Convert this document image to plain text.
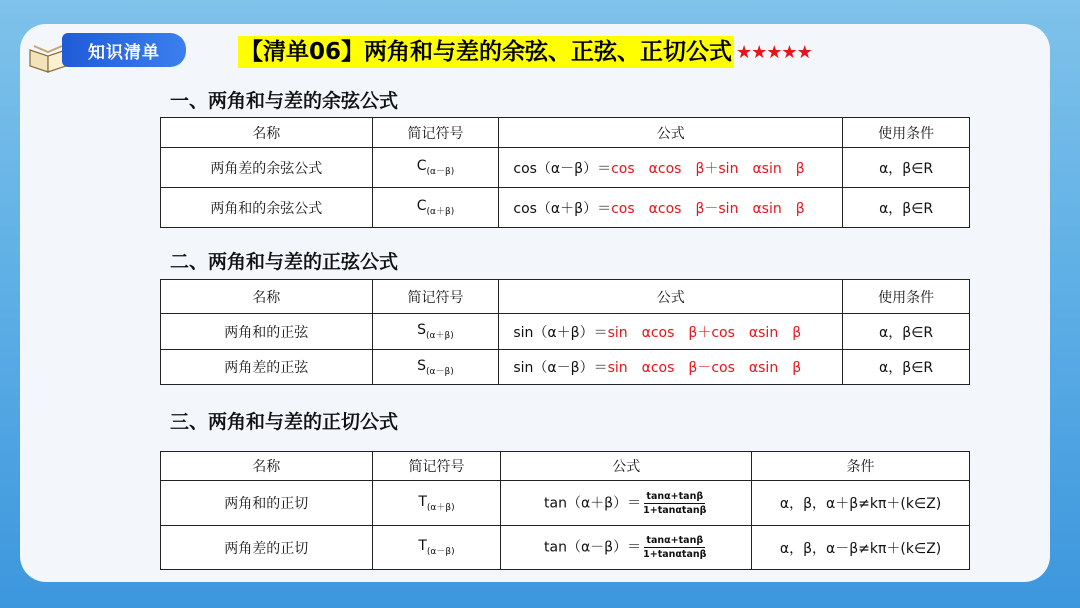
知识清单	【清单06】两角和与差的余弦、正弦、正切公式 ★★★★★
一、两角和与差的余弦公式
名称	简记符号	公式	使用条件
两角差的余弦公式	$C_{(\alpha-\beta)}$	cos（α－β）＝cos　αcos　β＋sin　αsin　β	α，β∈R
两角和的余弦公式	$C_{(\alpha+\beta)}$	cos（α＋β）＝cos　αcos　β－sin　αsin　β	α，β∈R
二、两角和与差的正弦公式
名称	简记符号	公式	使用条件
两角和的正弦	$S_{(\alpha+\beta)}$	sin（α＋β）＝sin　αcos　β＋cos　αsin　β	α，β∈R
两角差的正弦	$S_{(\alpha-\beta)}$	sin（α－β）＝sin　αcos　β－cos　αsin　β	α，β∈R
三、两角和与差的正切公式
名称	简记符号	公式	条件
两角和的正切	$T_{(\alpha+\beta)}$	$\tan(\alpha+\beta)= \frac{\tan\alpha+\tan\beta}{1+\tan\alpha\tan\beta}$	α，β，α＋β≠kπ＋(k∈Z)
两角差的正切	$T_{(\alpha-\beta)}$	$\tan(\alpha-\beta)= \frac{\tan\alpha+\tan\beta}{1+\tan\alpha\tan\beta}$	α，β，α－β≠kπ＋(k∈Z)
